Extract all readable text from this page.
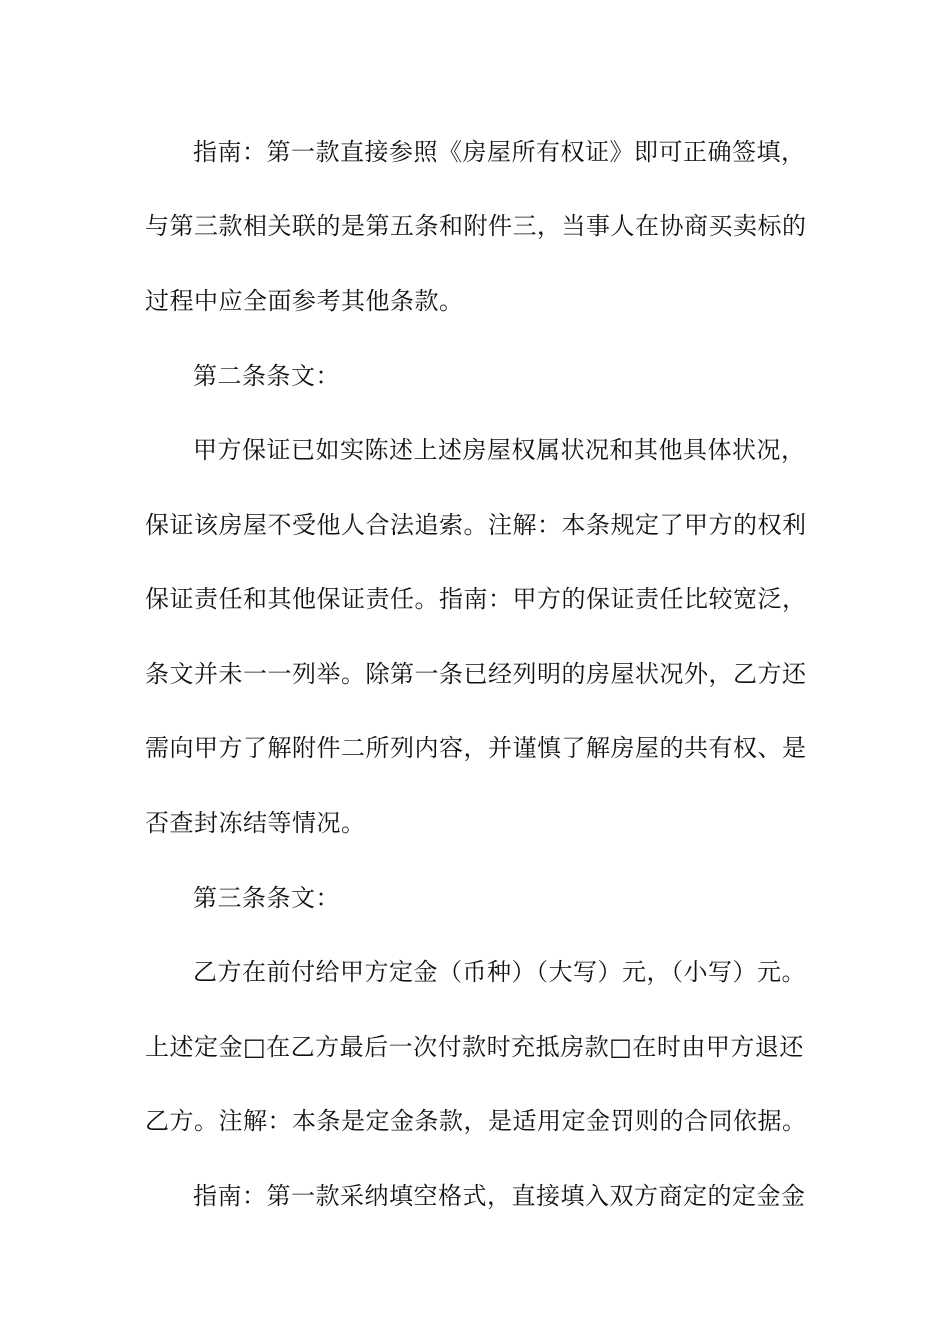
指南：第一款直接参照《房屋所有权证》即可正确签填，
与第三款相关联的是第五条和附件三，当事人在协商买卖标的
过程中应全面参考其他条款。
第二条条文：
甲方保证已如实陈述上述房屋权属状况和其他具体状况，
保证该房屋不受他人合法追索。注解：本条规定了甲方的权利
保证责任和其他保证责任。指南：甲方的保证责任比较宽泛，
条文并未一一列举。除第一条已经列明的房屋状况外，乙方还
需向甲方了解附件二所列内容，并谨慎了解房屋的共有权、是
否查封冻结等情况。
第三条条文：
乙方在前付给甲方定金（币种）（大写）元，（小写）元。
上述定金□在乙方最后一次付款时充抵房款□在时由甲方退还
乙方。注解：本条是定金条款，是适用定金罚则的合同依据。
指南：第一款采纳填空格式，直接填入双方商定的定金金
